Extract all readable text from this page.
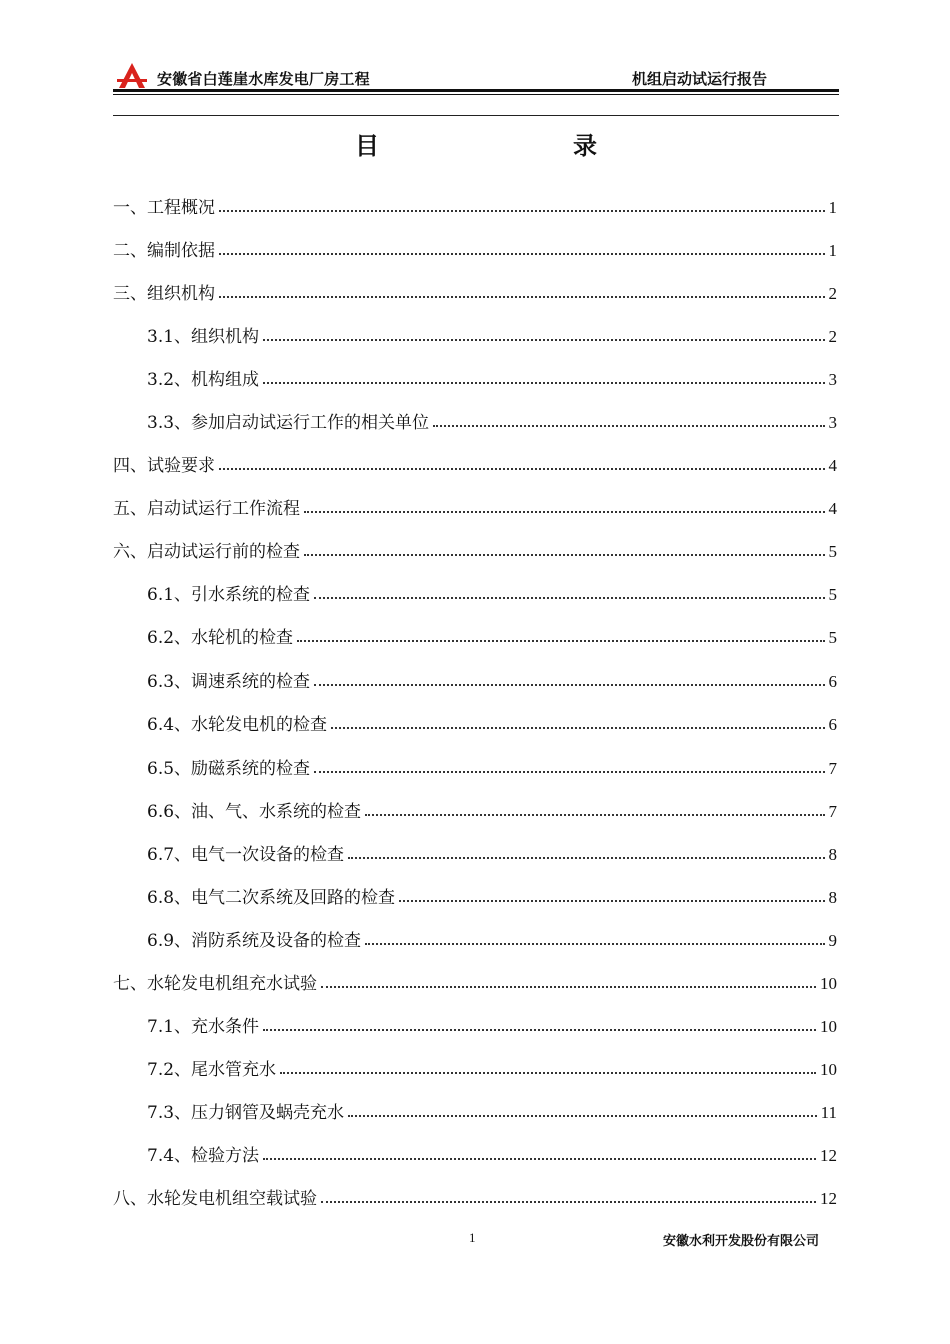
安徽省白莲崖水库发电厂房工程	机组启动试运行报告
目	录
一、工程概况	1
二、编制依据	1
三、组织机构	2
3.1、组织机构	2
3.2、机构组成	3
3.3、参加启动试运行工作的相关单位	3
四、试验要求	4
五、启动试运行工作流程	4
六、启动试运行前的检查	5
6.1、引水系统的检查	5
6.2、水轮机的检查	5
6.3、调速系统的检查	6
6.4、水轮发电机的检查	6
6.5、励磁系统的检查	7
6.6、油、气、水系统的检查	7
6.7、电气一次设备的检查	8
6.8、电气二次系统及回路的检查	8
6.9、消防系统及设备的检查	9
七、水轮发电机组充水试验	10
7.1、充水条件	10
7.2、尾水管充水	10
7.3、压力钢管及蜗壳充水	11
7.4、检验方法	12
八、水轮发电机组空载试验	12
1	安徽水利开发股份有限公司
